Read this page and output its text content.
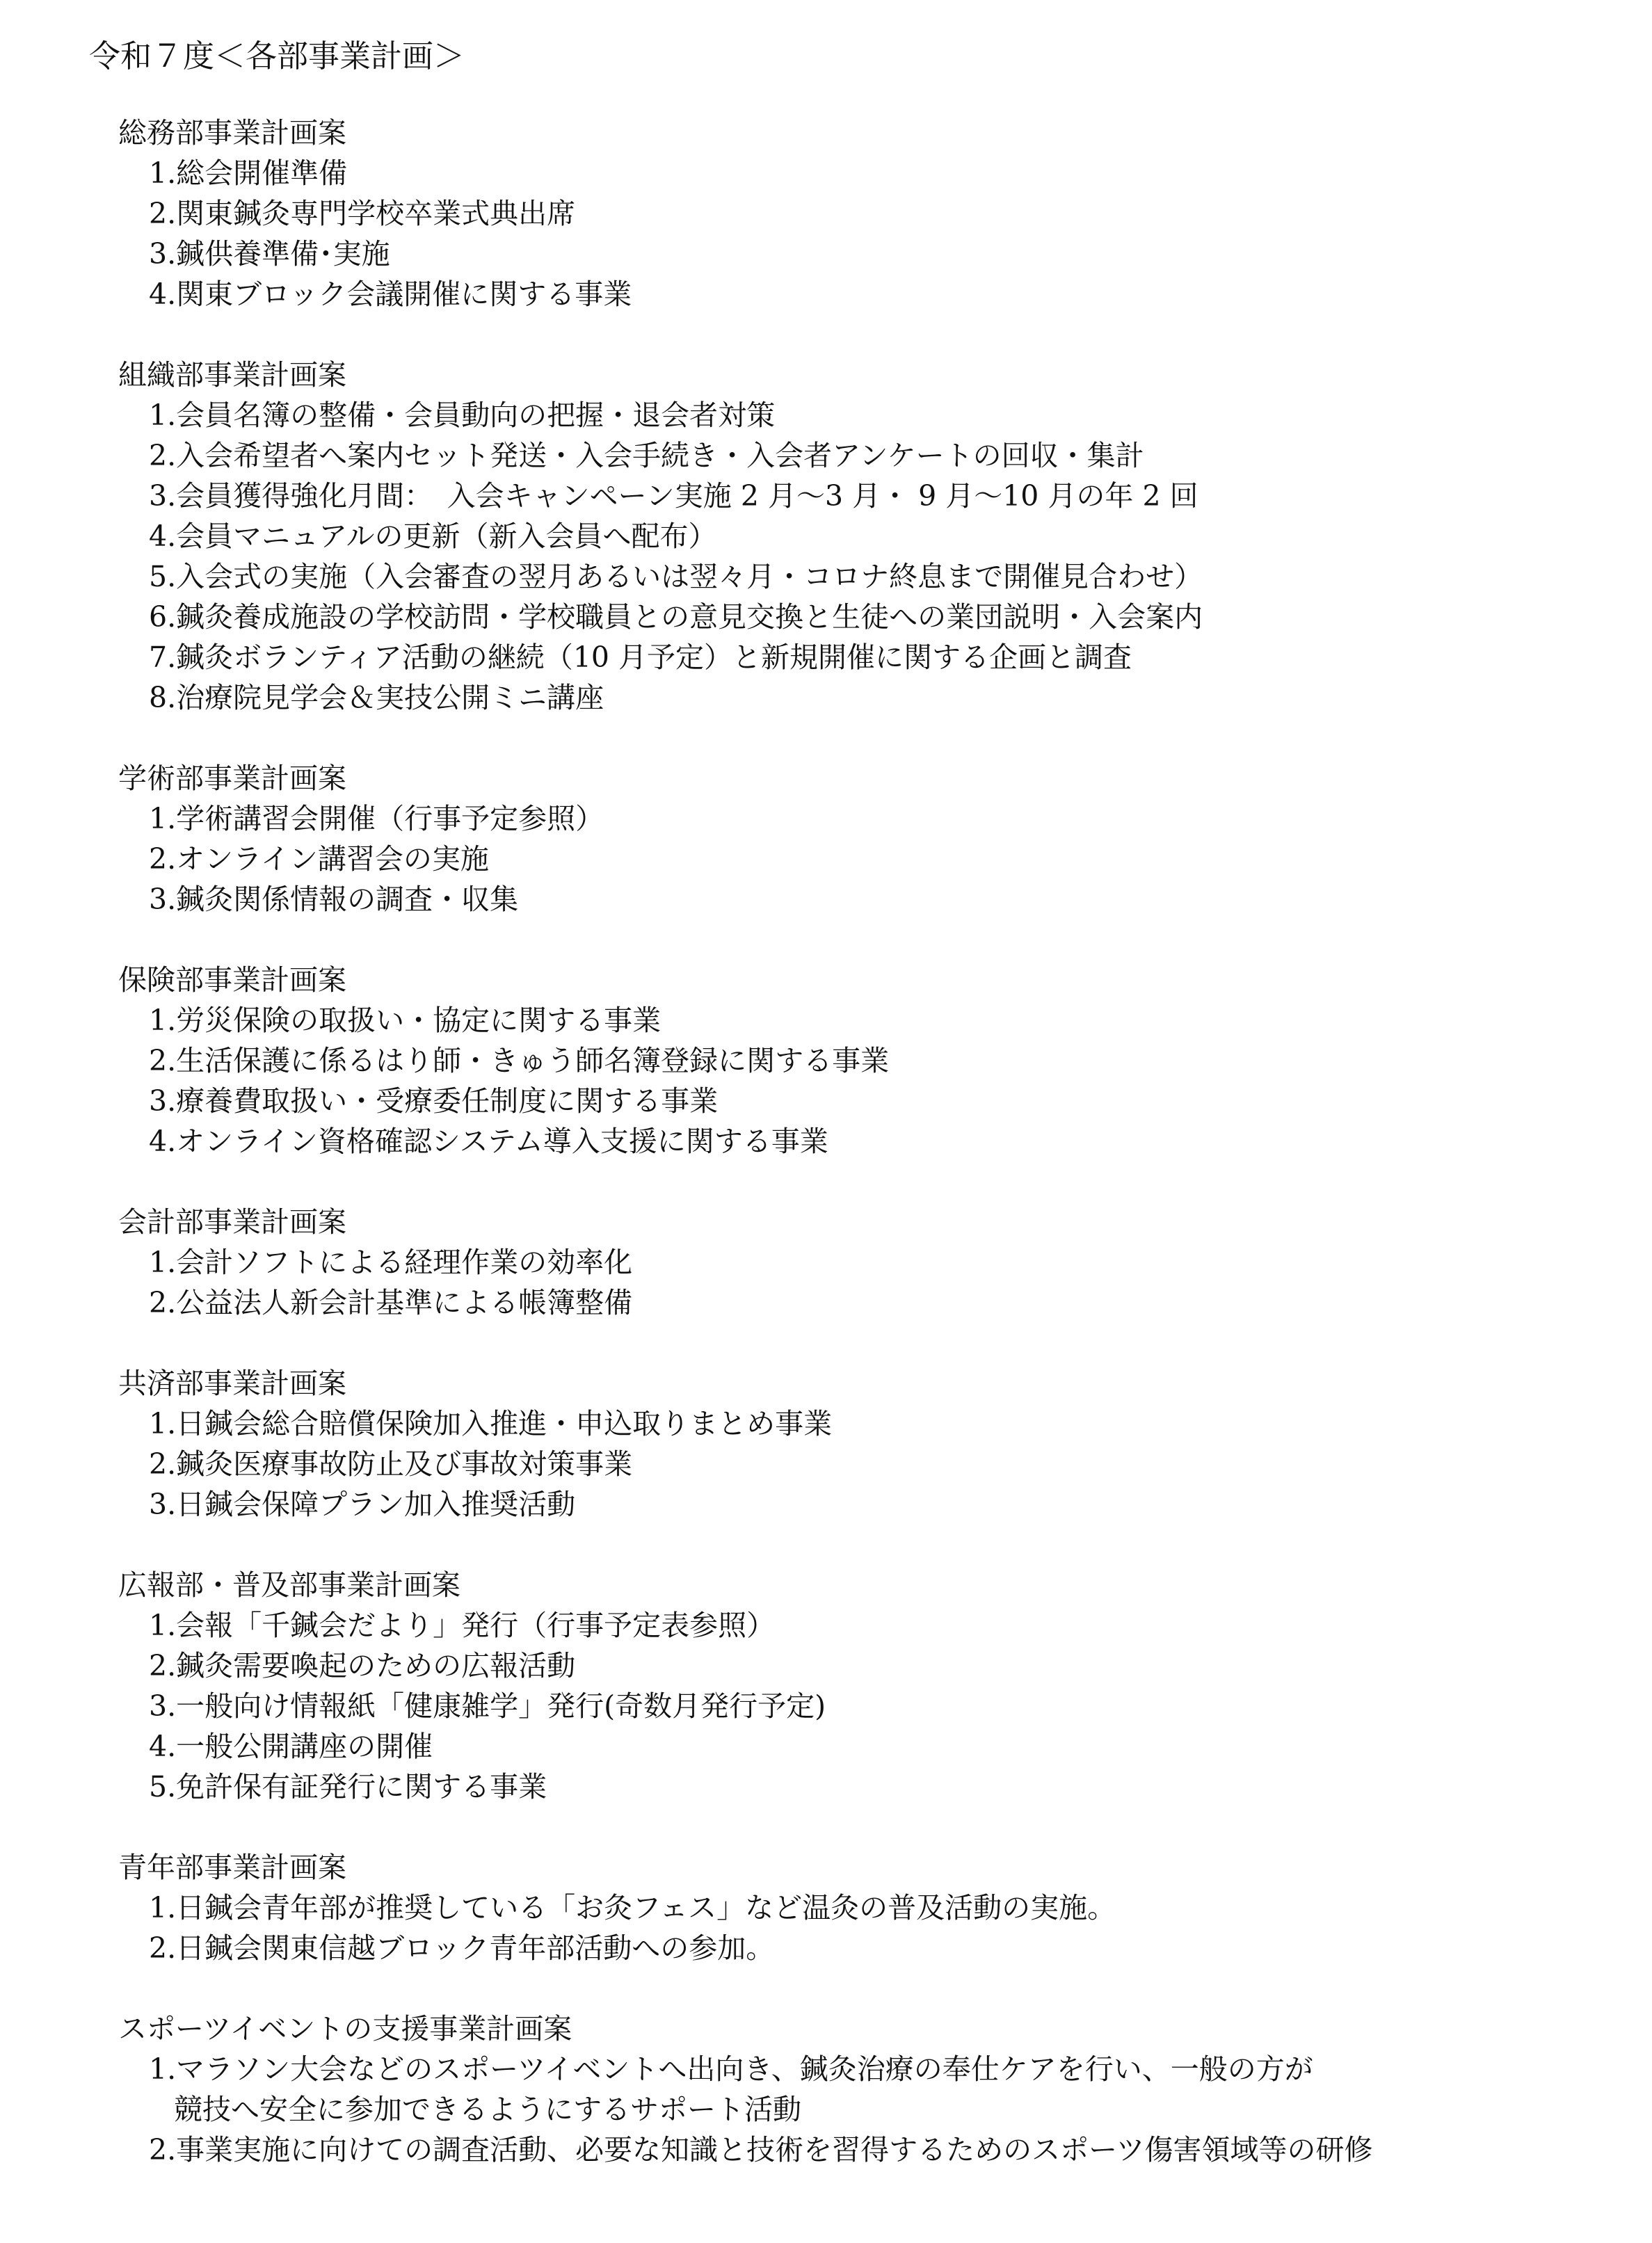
令和７度＜各部事業計画＞
総務部事業計画案
1.総会開催準備
2.関東鍼灸専門学校卒業式典出席
3.鍼供養準備･実施
4.関東ブロック会議開催に関する事業
組織部事業計画案
1.会員名簿の整備・会員動向の把握・退会者対策
2.入会希望者へ案内セット発送・入会手続き・入会者アンケートの回収・集計
3.会員獲得強化月間：　入会キャンペーン実施 2 月～3 月・ 9 月～10 月の年 2 回
4.会員マニュアルの更新（新入会員へ配布）
5.入会式の実施（入会審査の翌月あるいは翌々月・コロナ終息まで開催見合わせ）
6.鍼灸養成施設の学校訪問・学校職員との意見交換と生徒への業団説明・入会案内
7.鍼灸ボランティア活動の継続（10 月予定）と新規開催に関する企画と調査
8.治療院見学会＆実技公開ミニ講座
学術部事業計画案
1.学術講習会開催（行事予定参照）
2.オンライン講習会の実施
3.鍼灸関係情報の調査・収集
保険部事業計画案
1.労災保険の取扱い・協定に関する事業
2.生活保護に係るはり師・きゅう師名簿登録に関する事業
3.療養費取扱い・受療委任制度に関する事業
4.オンライン資格確認システム導入支援に関する事業
会計部事業計画案
1.会計ソフトによる経理作業の効率化
2.公益法人新会計基準による帳簿整備
共済部事業計画案
1.日鍼会総合賠償保険加入推進・申込取りまとめ事業
2.鍼灸医療事故防止及び事故対策事業
3.日鍼会保障プラン加入推奨活動
広報部・普及部事業計画案
1.会報「千鍼会だより」発行（行事予定表参照）
2.鍼灸需要喚起のための広報活動
3.一般向け情報紙「健康雑学」発行(奇数月発行予定)
4.一般公開講座の開催
5.免許保有証発行に関する事業
青年部事業計画案
1.日鍼会青年部が推奨している「お灸フェス」など温灸の普及活動の実施。
2.日鍼会関東信越ブロック青年部活動への参加。
スポーツイベントの支援事業計画案
1.マラソン大会などのスポーツイベントへ出向き、鍼灸治療の奉仕ケアを行い、一般の方が
競技へ安全に参加できるようにするサポート活動
2.事業実施に向けての調査活動、必要な知識と技術を習得するためのスポーツ傷害領域等の研修
